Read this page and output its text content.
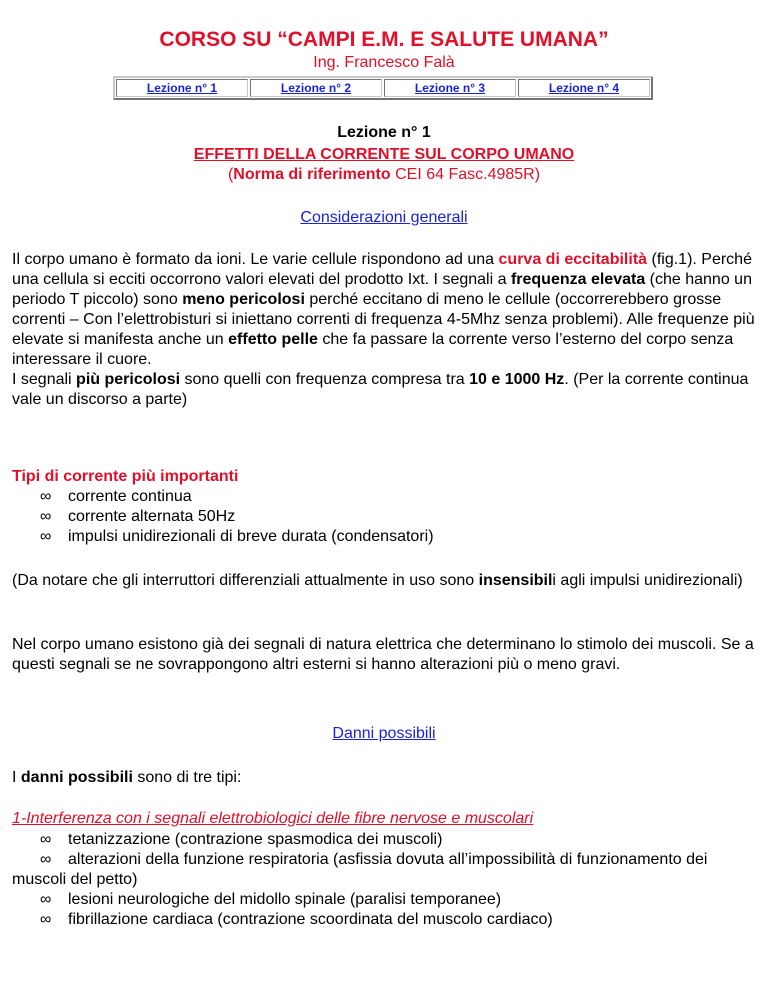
CORSO SU “CAMPI E.M. E SALUTE UMANA”
Ing. Francesco Falà
Lezione n° 1	Lezione n° 2	Lezione n° 3	Lezione n° 4
Lezione n° 1
EFFETTI DELLA CORRENTE SUL CORPO UMANO
(Norma di riferimento CEI 64 Fasc.4985R)
Considerazioni generali
Il corpo umano è formato da ioni. Le varie cellule rispondono ad una curva di eccitabilità (fig.1). Perché una cellula si ecciti occorrono valori elevati del prodotto Ixt. I segnali a frequenza elevata (che hanno un periodo T piccolo) sono meno pericolosi perché eccitano di meno le cellule (occorrerebbero grosse correnti – Con l’elettrobisturi si iniettano correnti di frequenza 4-5Mhz senza problemi). Alle frequenze più elevate si manifesta anche un effetto pelle che fa passare la corrente verso l’esterno del corpo senza interessare il cuore.
I segnali più pericolosi sono quelli con frequenza compresa tra 10 e 1000 Hz. (Per la corrente continua vale un discorso a parte)
Tipi di corrente più importanti
∞ corrente continua
∞ corrente alternata 50Hz
∞ impulsi unidirezionali di breve durata (condensatori)
(Da notare che gli interruttori differenziali attualmente in uso sono insensibili agli impulsi unidirezionali)
Nel corpo umano esistono già dei segnali di natura elettrica che determinano lo stimolo dei muscoli. Se a questi segnali se ne sovrappongono altri esterni si hanno alterazioni più o meno gravi.
Danni possibili
I danni possibili sono di tre tipi:
1-Interferenza con i segnali elettrobiologici delle fibre nervose e muscolari
∞ tetanizzazione (contrazione spasmodica dei muscoli)
∞ alterazioni della funzione respiratoria (asfissia dovuta all’impossibilità di funzionamento dei muscoli del petto)
∞ lesioni neurologiche del midollo spinale (paralisi temporanee)
∞ fibrillazione cardiaca (contrazione scoordinata del muscolo cardiaco)
